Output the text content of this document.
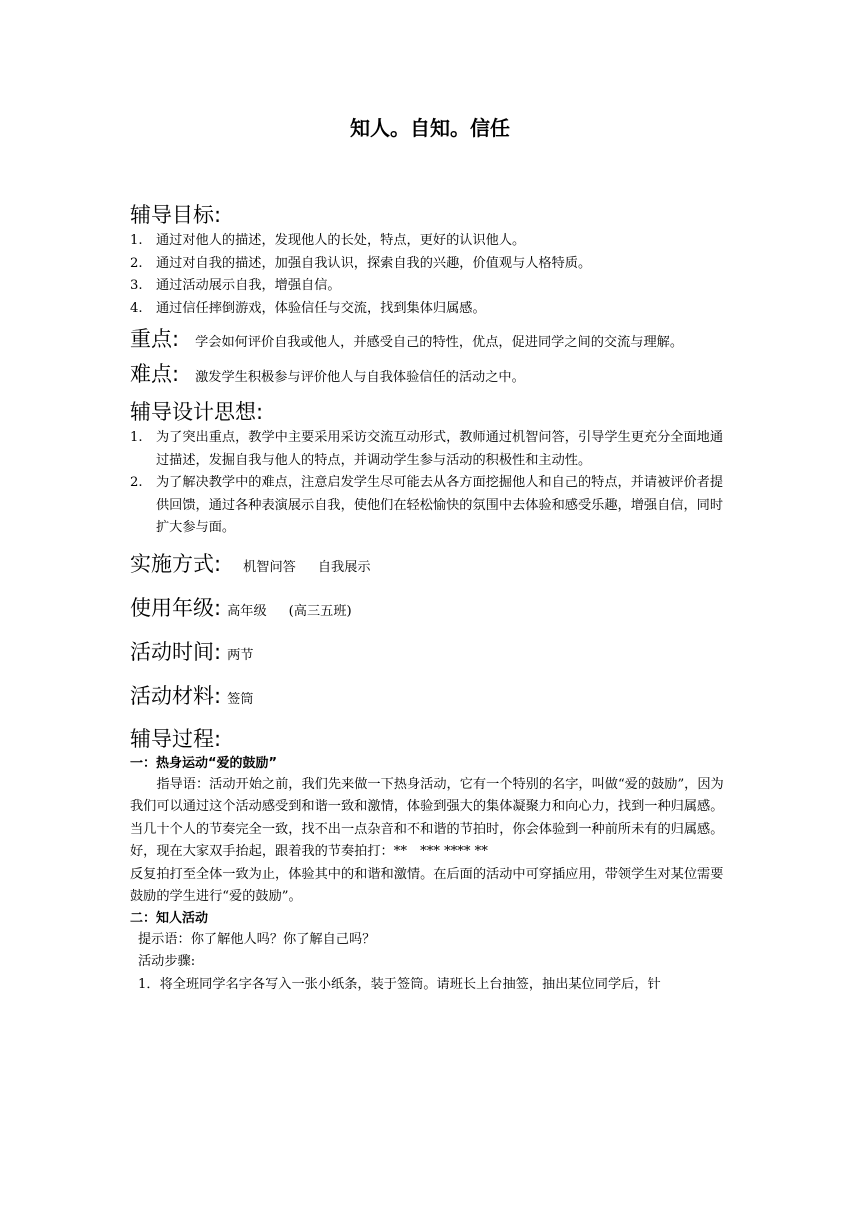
知人。自知。信任
辅导目标:
1.	通过对他人的描述，发现他人的长处，特点，更好的认识他人。
2.	通过对自我的描述，加强自我认识，探索自我的兴趣，价值观与人格特质。
3.	通过活动展示自我，增强自信。
4.	通过信任摔倒游戏，体验信任与交流，找到集体归属感。
重点: 学会如何评价自我或他人，并感受自己的特性，优点，促进同学之间的交流与理解。
难点: 激发学生积极参与评价他人与自我体验信任的活动之中。
辅导设计思想:
1.	为了突出重点，教学中主要采用采访交流互动形式，教师通过机智问答，引导学生更充分全面地通过描述，发掘自我与他人的特点，并调动学生参与活动的积极性和主动性。
2.	为了解决教学中的难点，注意启发学生尽可能去从各方面挖掘他人和自己的特点，并请被评价者提供回馈，通过各种表演展示自我，使他们在轻松愉快的氛围中去体验和感受乐趣，增强自信，同时扩大参与面。
实施方式: 机智问答 自我展示
使用年级: 高年级 (高三五班)
活动时间: 两节
活动材料: 签筒
辅导过程:
一：热身运动“爱的鼓励”
指导语：活动开始之前，我们先来做一下热身活动，它有一个特别的名字，叫做“爱的鼓励”，因为我们可以通过这个活动感受到和谐一致和激情，体验到强大的集体凝聚力和向心力，找到一种归属感。当几十个人的节奏完全一致，找不出一点杂音和不和谐的节拍时，你会体验到一种前所未有的归属感。好，现在大家双手抬起，跟着我的节奏拍打：**　*** **** **
反复拍打至全体一致为止，体验其中的和谐和激情。在后面的活动中可穿插应用，带领学生对某位需要鼓励的学生进行“爱的鼓励”。
二：知人活动
提示语：你了解他人吗？你了解自己吗？
活动步骤:
1．将全班同学名字各写入一张小纸条，装于签筒。请班长上台抽签，抽出某位同学后，针
